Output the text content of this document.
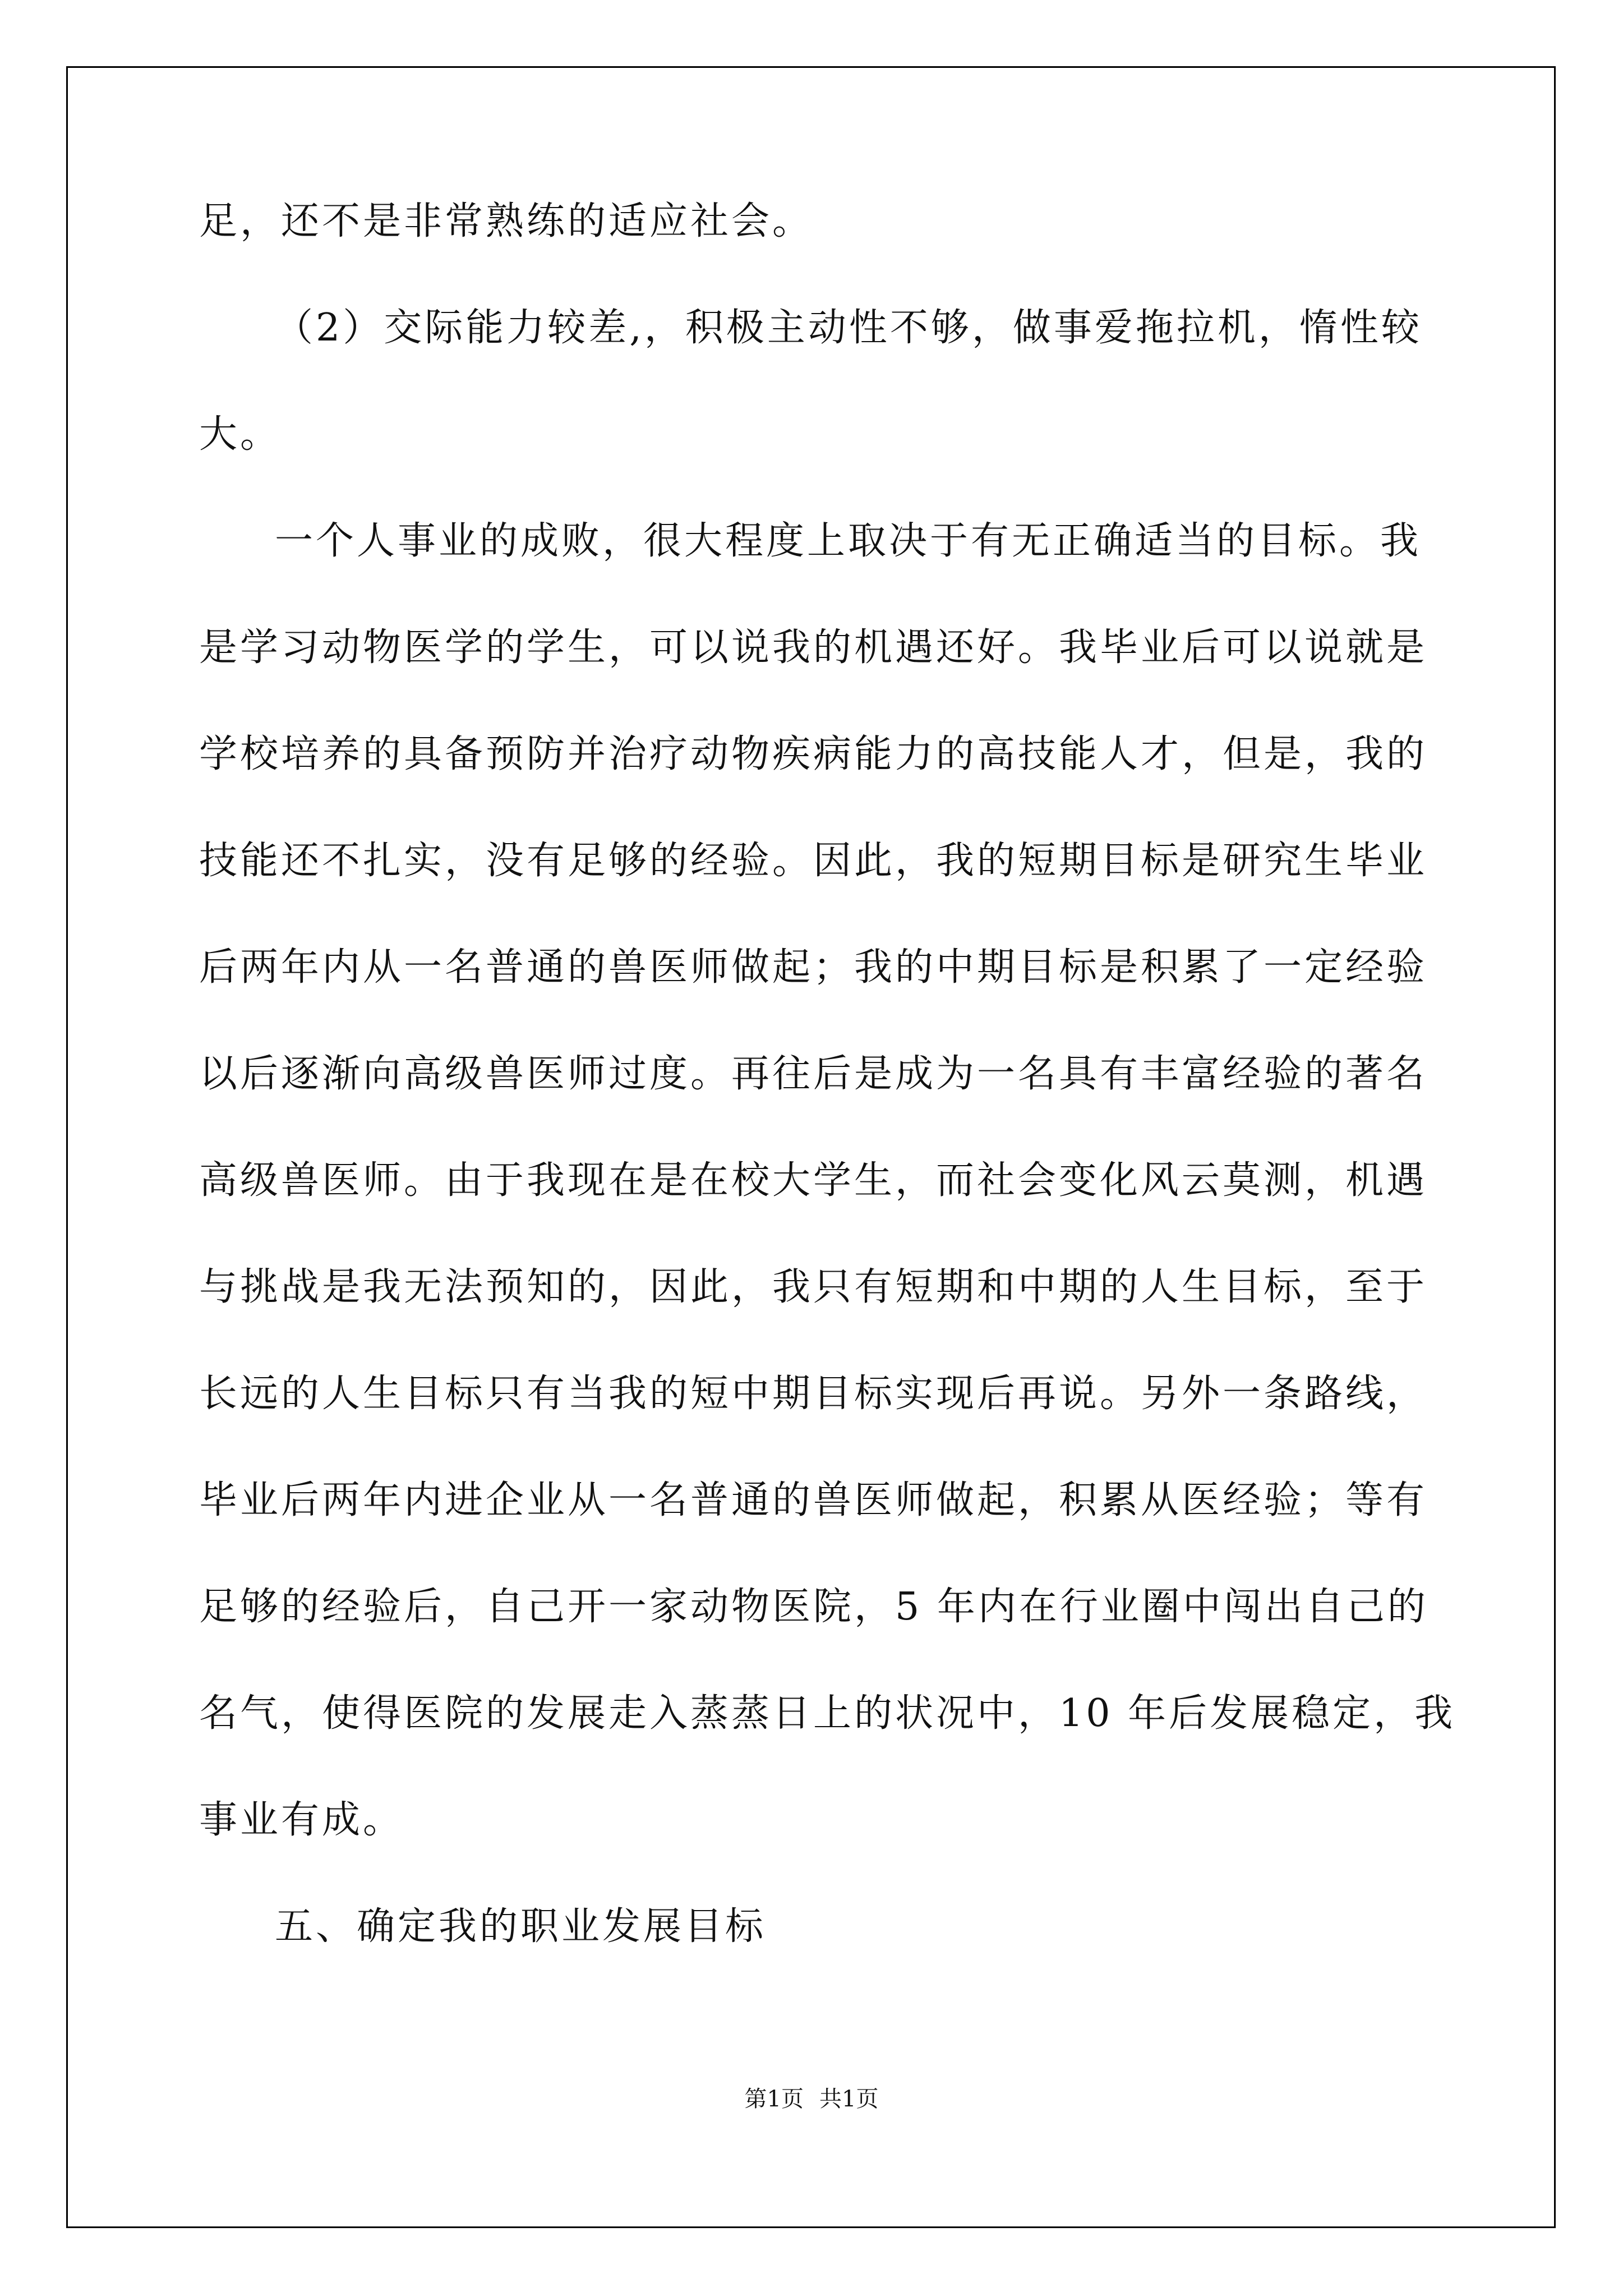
足，还不是非常熟练的适应社会。
（2）交际能力较差,，积极主动性不够，做事爱拖拉机，惰性较
大。
一个人事业的成败，很大程度上取决于有无正确适当的目标。我
是学习动物医学的学生，可以说我的机遇还好。我毕业后可以说就是
学校培养的具备预防并治疗动物疾病能力的高技能人才，但是，我的
技能还不扎实，没有足够的经验。因此，我的短期目标是研究生毕业
后两年内从一名普通的兽医师做起；我的中期目标是积累了一定经验
以后逐渐向高级兽医师过度。再往后是成为一名具有丰富经验的著名
高级兽医师。由于我现在是在校大学生，而社会变化风云莫测，机遇
与挑战是我无法预知的，因此，我只有短期和中期的人生目标，至于
长远的人生目标只有当我的短中期目标实现后再说。另外一条路线，
毕业后两年内进企业从一名普通的兽医师做起，积累从医经验；等有
足够的经验后，自己开一家动物医院，5 年内在行业圈中闯出自己的
名气，使得医院的发展走入蒸蒸日上的状况中，10 年后发展稳定，我
事业有成。
五、确定我的职业发展目标
第1页 共1页
